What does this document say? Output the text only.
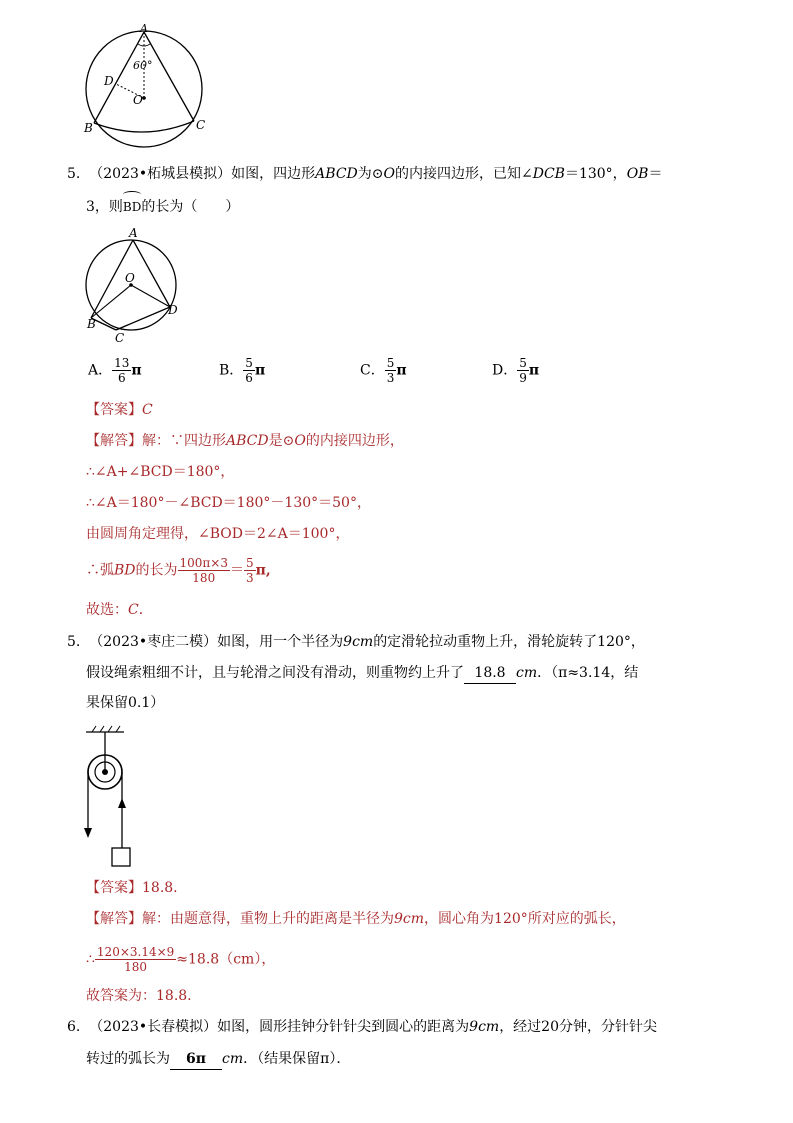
A
60°
D
O
B	C
5. （2023•柘城县模拟）如图，四边形ABCD为⊙O的内接四边形，已知∠DCB＝130°，OB＝
3，则
BD的长为（　　）
A
O
B
C
D
A． $\frac{13}{6}$ π	B． $\frac{5}{6}$ π	C． $\frac{5}{3}$ π	D． $\frac{5}{9}$ π
【答案】C
【解答】解：∵四边形ABCD是⊙O的内接四边形，
∴∠A+∠BCD＝180°，
∴∠A＝180°－∠BCD＝180°－130°＝50°，
由圆周角定理得，∠BOD＝2∠A＝100°，
∴弧BD的长为 $\frac{100\pi\times 3}{180} = \frac{5}{3} \pi$,
故选：C．
5. （2023•枣庄二模）如图，用一个半径为9cm的定滑轮拉动重物上升，滑轮旋转了120°，
假设绳索粗细不计，且与轮滑之间没有滑动，则重物约上升了 18.8 cm．（π≈3.14，结
果保留0.1）
【答案】18.8.
【解答】解：由题意得，重物上升的距离是半径为9cm，圆心角为120°所对应的弧长，
∴ $\frac{120\times 3.14\times 9}{180} \approx 18.8(cm)$，
故答案为：18.8.
6. （2023•长春模拟）如图，圆形挂钟分针针尖到圆心的距离为9cm，经过20分钟，分针针尖
转过的弧长为 6π cm．（结果保留π）．
